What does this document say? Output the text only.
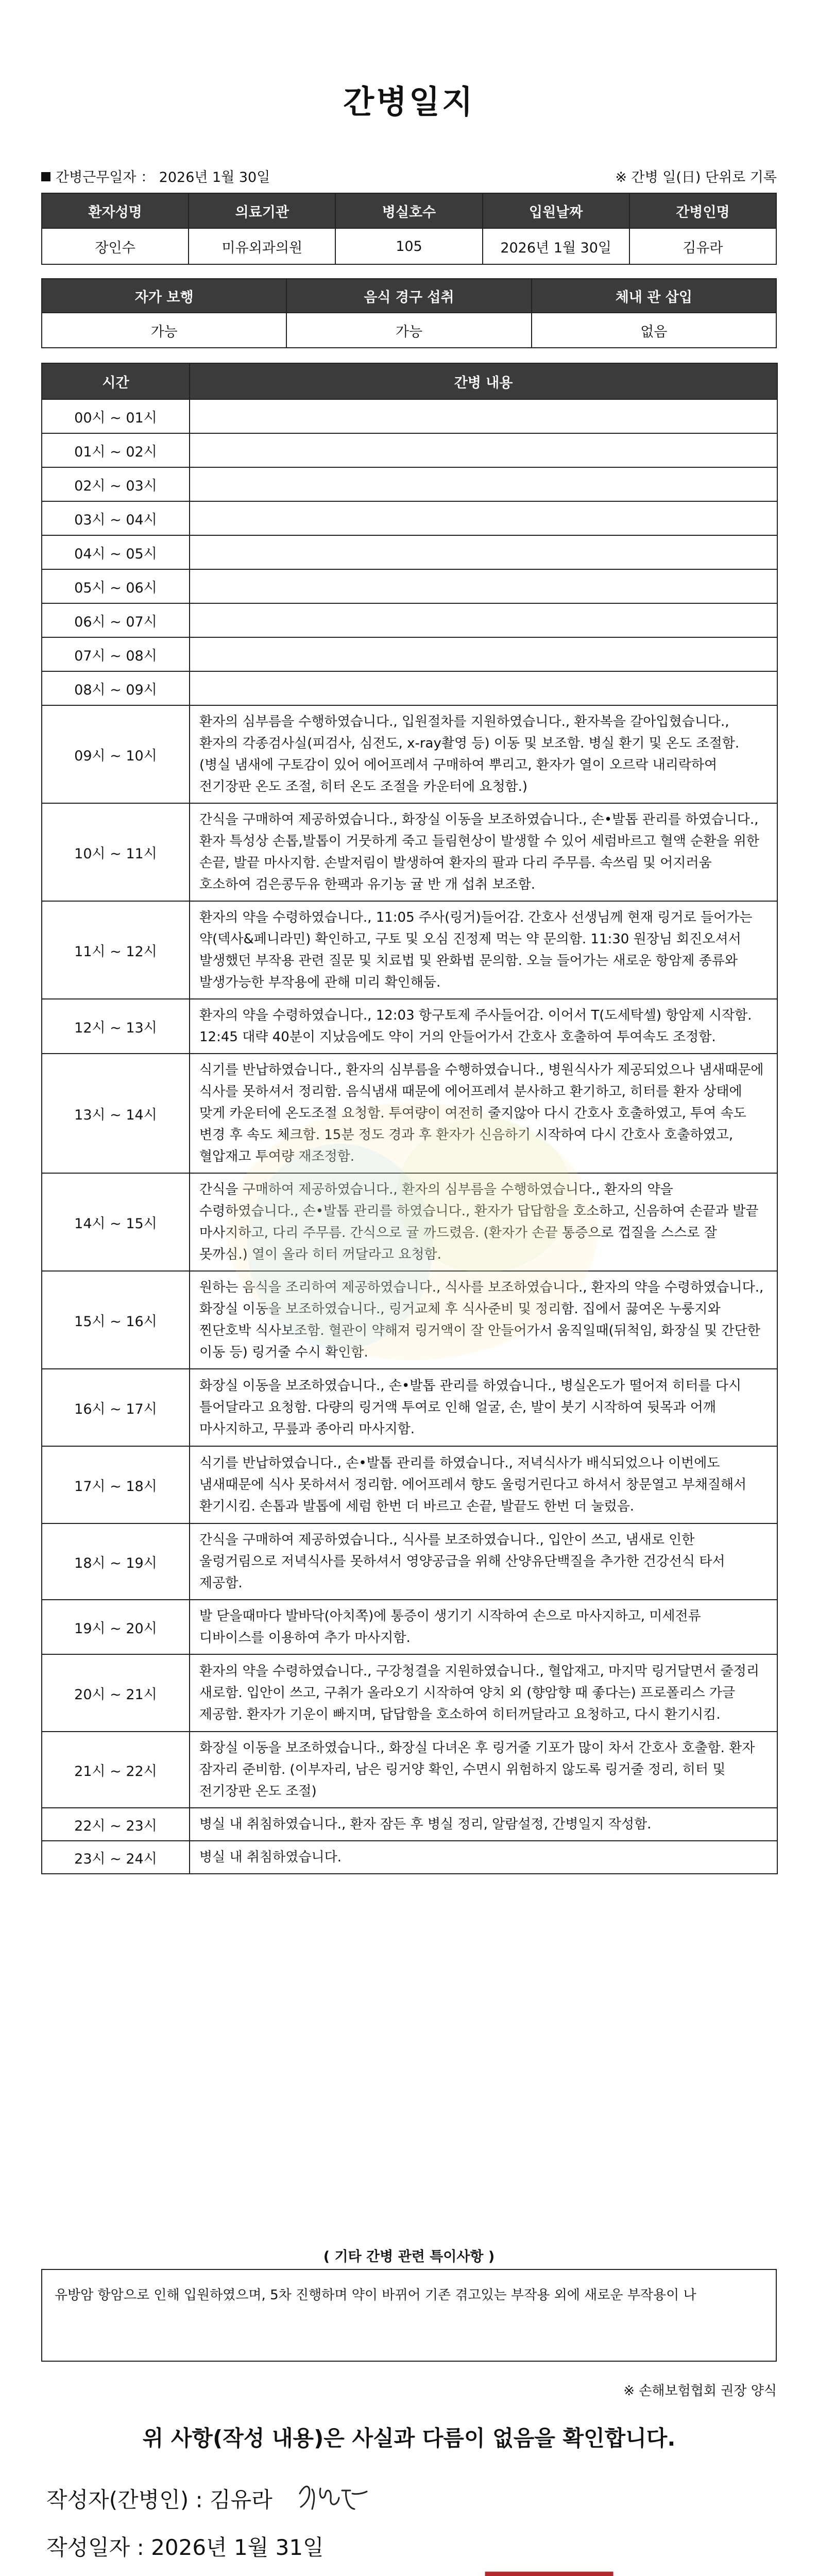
간병일지
간병근무일자 ： 2026년 1월 30일	※ 간병 일(日) 단위로 기록
환자성명	의료기관	병실호수	입원날짜	간병인명
장인수	미유외과의원	105	2026년 1월 30일	김유라
자가 보행	음식 경구 섭취	체내 관 삽입
가능	가능	없음
시간	간병 내용
00시 ~ 01시	
01시 ~ 02시	
02시 ~ 03시	
03시 ~ 04시	
04시 ~ 05시	
05시 ~ 06시	
06시 ~ 07시	
07시 ~ 08시	
08시 ~ 09시	
09시 ~ 10시	환자의 심부름을 수행하였습니다., 입원절차를 지원하였습니다., 환자복을 갈아입혔습니다., 환자의 각종검사실(피검사, 심전도, x-ray촬영 등) 이동 및 보조함. 병실 환기 및 온도 조절함. (병실 냄새에 구토감이 있어 에어프레셔 구매하여 뿌리고, 환자가 열이 오르락 내리락하여 전기장판 온도 조절, 히터 온도 조절을 카운터에 요청함.)
10시 ~ 11시	간식을 구매하여 제공하였습니다., 화장실 이동을 보조하였습니다., 손•발톱 관리를 하였습니다., 환자 특성상 손톱,발톱이 거뭇하게 죽고 들림현상이 발생할 수 있어 세럼바르고 혈액 순환을 위한 손끝, 발끝 마사지함. 손발저림이 발생하여 환자의 팔과 다리 주무름. 속쓰림 및 어지러움 호소하여 검은콩두유 한팩과 유기농 귤 반 개 섭취 보조함.
11시 ~ 12시	환자의 약을 수령하였습니다., 11:05 주사(링거)들어감. 간호사 선생님께 현재 링거로 들어가는 약(덱사&페니라민) 확인하고, 구토 및 오심 진정제 먹는 약 문의함. 11:30 원장님 회진오셔서 발생했던 부작용 관련 질문 및 치료법 및 완화법 문의함. 오늘 들어가는 새로운 항암제 종류와 발생가능한 부작용에 관해 미리 확인해둠.
12시 ~ 13시	환자의 약을 수령하였습니다., 12:03 항구토제 주사들어감. 이어서 T(도세탁셀) 항암제 시작함. 12:45 대략 40분이 지났음에도 약이 거의 안들어가서 간호사 호출하여 투여속도 조정함.
13시 ~ 14시	식기를 반납하였습니다., 환자의 심부름을 수행하였습니다., 병원식사가 제공되었으나 냄새때문에 식사를 못하셔서 정리함. 음식냄새 때문에 에어프레셔 분사하고 환기하고, 히터를 환자 상태에 맞게 카운터에 온도조절 요청함. 투여량이 여전히 줄지않아 다시 간호사 호출하였고, 투여 속도 변경 후 속도 체크함. 15분 정도 경과 후 환자가 신음하기 시작하여 다시 간호사 호출하였고, 혈압재고 투여량 재조정함.
14시 ~ 15시	간식을 구매하여 제공하였습니다., 환자의 심부름을 수행하였습니다., 환자의 약을 수령하였습니다., 손•발톱 관리를 하였습니다., 환자가 답답함을 호소하고, 신음하여 손끝과 발끝 마사지하고, 다리 주무름. 간식으로 귤 까드렸음. (환자가 손끝 통증으로 껍질을 스스로 잘 못까심.) 열이 올라 히터 꺼달라고 요청함.
15시 ~ 16시	원하는 음식을 조리하여 제공하였습니다., 식사를 보조하였습니다., 환자의 약을 수령하였습니다., 화장실 이동을 보조하였습니다., 링거교체 후 식사준비 및 정리함. 집에서 끓여온 누룽지와 찐단호박 식사보조함. 혈관이 약해져 링거액이 잘 안들어가서 움직일때(뒤척임, 화장실 및 간단한 이동 등) 링거줄 수시 확인함.
16시 ~ 17시	화장실 이동을 보조하였습니다., 손•발톱 관리를 하였습니다., 병실온도가 떨어져 히터를 다시 틀어달라고 요청함. 다량의 링거액 투여로 인해 얼굴, 손, 발이 붓기 시작하여 뒷목과 어깨 마사지하고, 무릎과 종아리 마사지함.
17시 ~ 18시	식기를 반납하였습니다., 손•발톱 관리를 하였습니다., 저녁식사가 배식되었으나 이번에도 냄새때문에 식사 못하셔서 정리함. 에어프레셔 향도 울렁거린다고 하셔서 창문열고 부채질해서 환기시킴. 손톱과 발톱에 세럼 한번 더 바르고 손끝, 발끝도 한번 더 눌렀음.
18시 ~ 19시	간식을 구매하여 제공하였습니다., 식사를 보조하였습니다., 입안이 쓰고, 냄새로 인한 울렁거림으로 저녁식사를 못하셔서 영양공급을 위해 산양유단백질을 추가한 건강선식 타서 제공함.
19시 ~ 20시	발 닫을때마다 발바닥(아치쪽)에 통증이 생기기 시작하여 손으로 마사지하고, 미세전류 디바이스를 이용하여 추가 마사지함.
20시 ~ 21시	환자의 약을 수령하였습니다., 구강청결을 지원하였습니다., 혈압재고, 마지막 링거달면서 줄정리 새로함. 입안이 쓰고, 구취가 올라오기 시작하여 양치 외 (향암향 때 좋다는) 프로폴리스 가글 제공함. 환자가 기운이 빠지며, 답답함을 호소하여 히터꺼달라고 요청하고, 다시 환기시킴.
21시 ~ 22시	화장실 이동을 보조하였습니다., 화장실 다녀온 후 링거줄 기포가 많이 차서 간호사 호출함. 환자 잠자리 준비함. (이부자리, 남은 링거양 확인, 수면시 위험하지 않도록 링거줄 정리, 히터 및 전기장판 온도 조절)
22시 ~ 23시	병실 내 취침하였습니다., 환자 잠든 후 병실 정리, 알람설정, 간병일지 작성함.
23시 ~ 24시	병실 내 취침하였습니다.
( 기타 간병 관련 특이사항 )
유방암 항암으로 인해 입원하였으며, 5차 진행하며 약이 바뀌어 기존 겪고있는 부작용 외에 새로운 부작용이 나
※ 손해보험협회 권장 양식
위 사항(작성 내용)은 사실과 다름이 없음을 확인합니다.
작성자(간병인) : 김유라
작성일자 : 2026년 1월 31일
